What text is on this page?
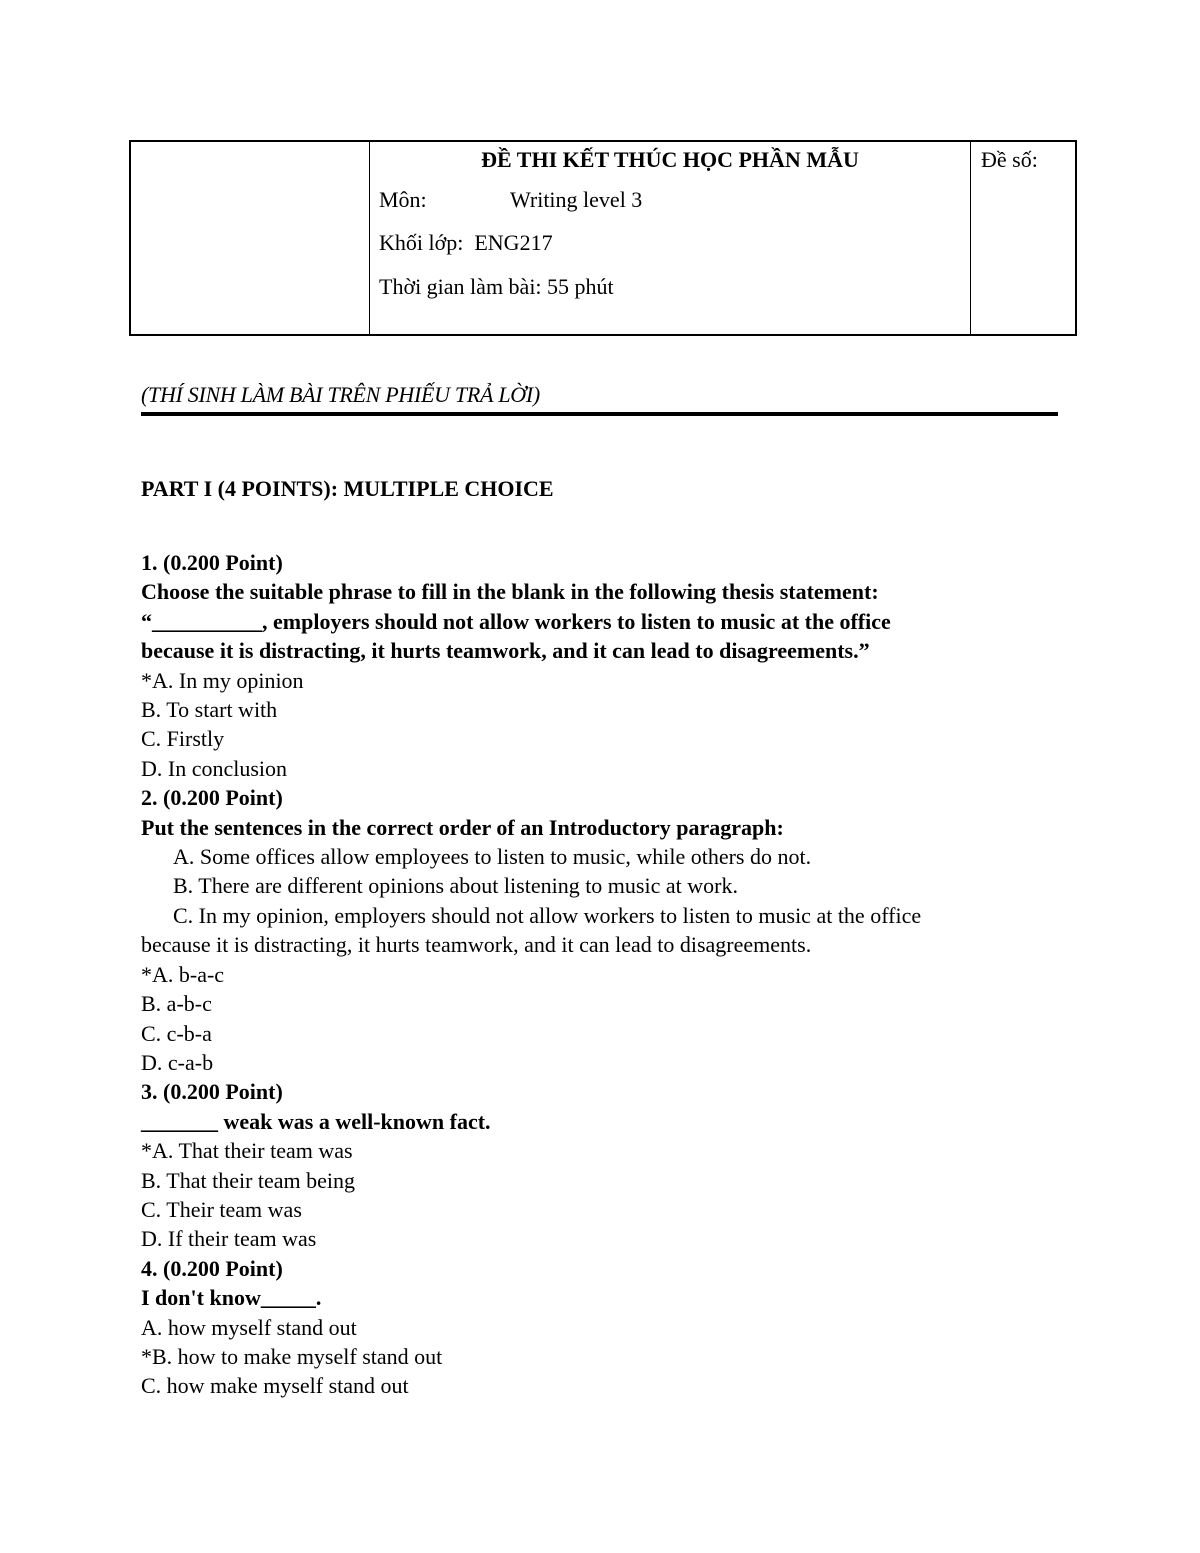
ĐỀ THI KẾT THÚC HỌC PHẦN MẪU
Môn:	Writing level 3
Khối lớp: ENG217
Thời gian làm bài: 55 phút
Đề số:
(THÍ SINH LÀM BÀI TRÊN PHIẾU TRẢ LỜI)
PART I (4 POINTS): MULTIPLE CHOICE
1. (0.200 Point)
Choose the suitable phrase to fill in the blank in the following thesis statement:
“__________, employers should not allow workers to listen to music at the office
because it is distracting, it hurts teamwork, and it can lead to disagreements.”
*A. In my opinion
B. To start with
C. Firstly
D. In conclusion
2. (0.200 Point)
Put the sentences in the correct order of an Introductory paragraph:
A. Some offices allow employees to listen to music, while others do not.
B. There are different opinions about listening to music at work.
C. In my opinion, employers should not allow workers to listen to music at the office
because it is distracting, it hurts teamwork, and it can lead to disagreements.
*A. b-a-c
B. a-b-c
C. c-b-a
D. c-a-b
3. (0.200 Point)
_______ weak was a well-known fact.
*A. That their team was
B. That their team being
C. Their team was
D. If their team was
4. (0.200 Point)
I don't know_____.
A. how myself stand out
*B. how to make myself stand out
C. how make myself stand out
